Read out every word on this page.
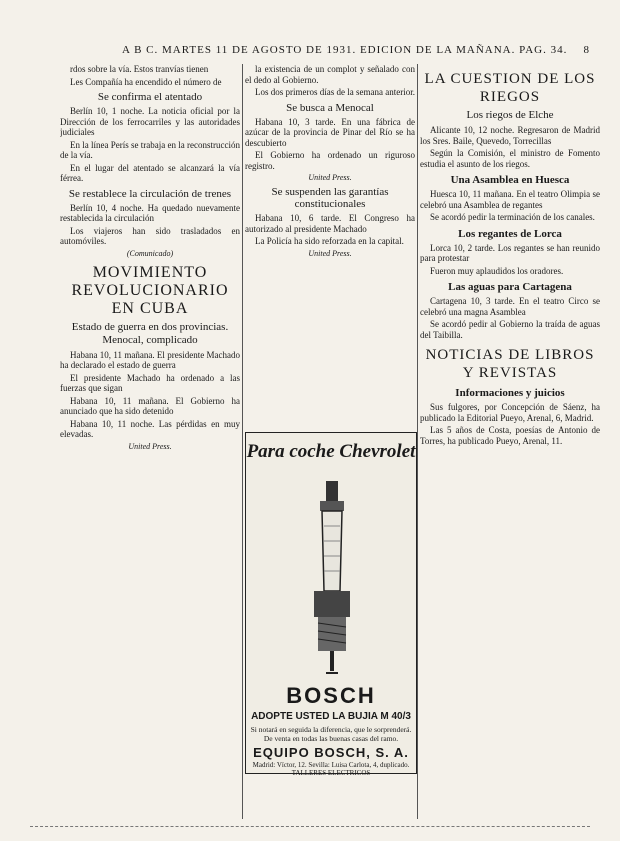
A B C. MARTES 11 DE AGOSTO DE 1931. EDICION DE LA MAÑANA. PAG. 34. 8

rdos sobre la vía. Estos tranvías tienen

Les Compañía ha encendido el número de

Se confirma el atentado

Berlín 10, 1 noche. La noticia oficial por la Dirección de los ferrocarriles y las autoridades judiciales

En la línea Perís se trabaja en la reconstrucción de la vía.

En el lugar del atentado se alcanzará la vía férrea.

Se restablece la circulación de trenes

Berlín 10, 4 noche. Ha quedado nuevamente restablecida la circulación

Los viajeros han sido trasladados en automóviles.

(Comunicado)
MOVIMIENTO REVOLUCIONARIO EN CUBA
Estado de guerra en dos provincias. Menocal, complicado

Habana 10, 11 mañana. El presidente Machado ha declarado el estado de guerra

El presidente Machado ha ordenado a las fuerzas que sigan

Habana 10, 11 mañana. El Gobierno ha anunciado que ha sido detenido

Habana 10, 11 noche. Las pérdidas en muy elevadas.

United Press.

la existencia de un complot y señalado con el dedo al Gobierno.

Los dos primeros días de la semana anterior.

Se busca a Menocal

Habana 10, 3 tarde. En una fábrica de azúcar de la provincia de Pinar del Río se ha descubierto

El Gobierno ha ordenado un riguroso registro.

United Press.
Se suspenden las garantías constitucionales

Habana 10, 6 tarde. El Congreso ha autorizado al presidente Machado

La Policía ha sido reforzada en la capital.

United Press.
Para coche Chevrolet
BOSCH
ADOPTE USTED LA BUJIA M 40/3
Si notará en seguida la diferencia, que le sorprenderá. De venta en todas las buenas casas del ramo.
EQUIPO BOSCH, S. A.
Madrid: Víctor, 12. Sevilla: Luisa Carlota, 4, duplicado. TALLERES ELECTRICOS
LA CUESTION DE LOS RIEGOS
Los riegos de Elche

Alicante 10, 12 noche. Regresaron de Madrid los Sres. Baile, Quevedo, Torrecillas

Según la Comisión, el ministro de Fomento estudia el asunto de los riegos.

Una Asamblea en Huesca

Huesca 10, 11 mañana. En el teatro Olimpia se celebró una Asamblea de regantes

Se acordó pedir la terminación de los canales.

Los regantes de Lorca

Lorca 10, 2 tarde. Los regantes se han reunido para protestar

Fueron muy aplaudidos los oradores.

Las aguas para Cartagena

Cartagena 10, 3 tarde. En el teatro Circo se celebró una magna Asamblea

Se acordó pedir al Gobierno la traída de aguas del Taibilla.

NOTICIAS DE LIBROS Y REVISTAS
Informaciones y juicios

Sus fulgores, por Concepción de Sáenz, ha publicado la Editorial Pueyo, Arenal, 6, Madrid.

Las 5 años de Costa, poesías de Antonio de Torres, ha publicado Pueyo, Arenal, 11.
